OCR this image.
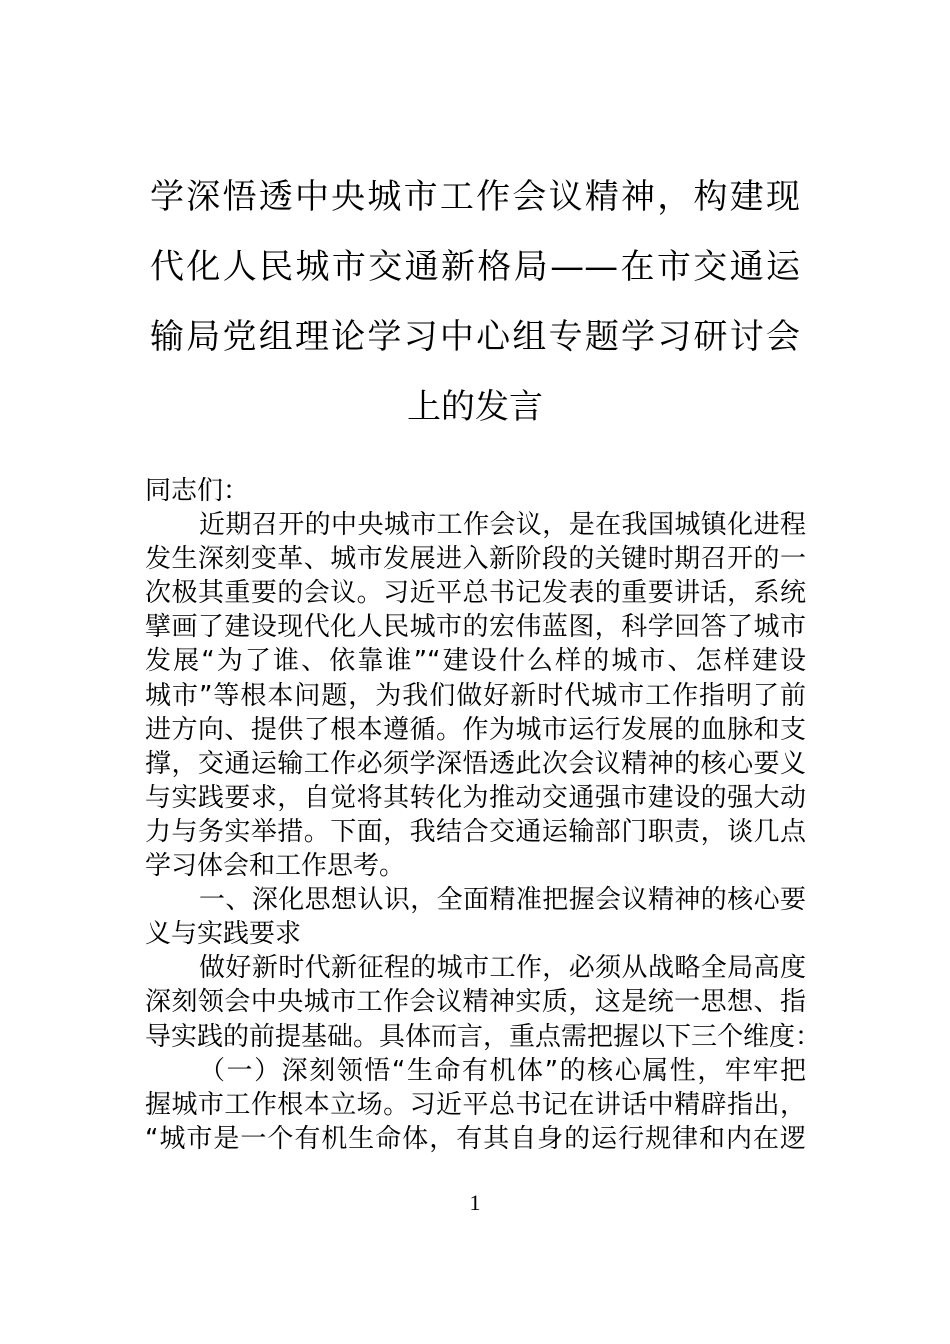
学深悟透中央城市工作会议精神，构建现
代化人民城市交通新格局——在市交通运
输局党组理论学习中心组专题学习研讨会
上的发言
同志们：
近期召开的中央城市工作会议，是在我国城镇化进程
发生深刻变革、城市发展进入新阶段的关键时期召开的一
次极其重要的会议。习近平总书记发表的重要讲话，系统
擘画了建设现代化人民城市的宏伟蓝图，科学回答了城市
发展“为了谁、依靠谁”“建设什么样的城市、怎样建设
城市”等根本问题，为我们做好新时代城市工作指明了前
进方向、提供了根本遵循。作为城市运行发展的血脉和支
撑，交通运输工作必须学深悟透此次会议精神的核心要义
与实践要求，自觉将其转化为推动交通强市建设的强大动
力与务实举措。下面，我结合交通运输部门职责，谈几点
学习体会和工作思考。
一、深化思想认识，全面精准把握会议精神的核心要
义与实践要求
做好新时代新征程的城市工作，必须从战略全局高度
深刻领会中央城市工作会议精神实质，这是统一思想、指
导实践的前提基础。具体而言，重点需把握以下三个维度：
（一）深刻领悟“生命有机体”的核心属性，牢牢把
握城市工作根本立场。习近平总书记在讲话中精辟指出，
“城市是一个有机生命体，有其自身的运行规律和内在逻
1
